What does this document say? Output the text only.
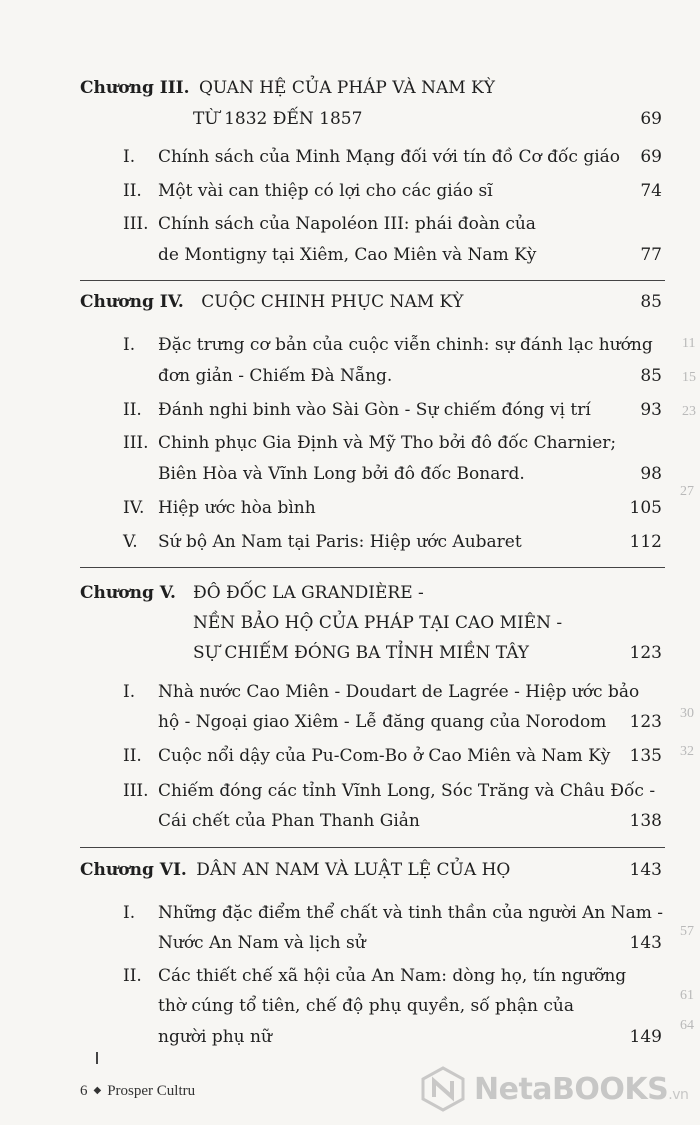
11
15
23
27
30
32
57
61
64
Chương III. QUAN HỆ CỦA PHÁP VÀ NAM KỲ
TỪ 1832 ĐẾN 1857	69
I. Chính sách của Minh Mạng đối với tín đồ Cơ đốc giáo 69
II. Một vài can thiệp có lợi cho các giáo sĩ	74
III. Chính sách của Napoléon III: phái đoàn của
de Montigny tại Xiêm, Cao Miên và Nam Kỳ	77
Chương IV. CUỘC CHINH PHỤC NAM KỲ	85
I. Đặc trưng cơ bản của cuộc viễn chinh: sự đánh lạc hướng
đơn giản - Chiếm Đà Nẵng.	85
II. Đánh nghi binh vào Sài Gòn - Sự chiếm đóng vị trí	93
III. Chinh phục Gia Định và Mỹ Tho bởi đô đốc Charnier;
Biên Hòa và Vĩnh Long bởi đô đốc Bonard.	98
IV. Hiệp ước hòa bình	105
V. Sứ bộ An Nam tại Paris: Hiệp ước Aubaret	112
Chương V. ĐÔ ĐỐC LA GRANDIÈRE -
NỀN BẢO HỘ CỦA PHÁP TẠI CAO MIÊN -
SỰ CHIẾM ĐÓNG BA TỈNH MIỀN TÂY	123
I. Nhà nước Cao Miên - Doudart de Lagrée - Hiệp ước bảo
hộ - Ngoại giao Xiêm - Lễ đăng quang của Norodom 123
II. Cuộc nổi dậy của Pu-Com-Bo ở Cao Miên và Nam Kỳ 135
III. Chiếm đóng các tỉnh Vĩnh Long, Sóc Trăng và Châu Đốc -
Cái chết của Phan Thanh Giản	138
Chương VI. DÂN AN NAM VÀ LUẬT LỆ CỦA HỌ	143
I. Những đặc điểm thể chất và tinh thần của người An Nam -
Nước An Nam và lịch sử	143
II. Các thiết chế xã hội của An Nam: dòng họ, tín ngưỡng
thờ cúng tổ tiên, chế độ phụ quyền, số phận của
người phụ nữ	149
6 ◆ Prosper Cultru	NetaBOOKS.vn
